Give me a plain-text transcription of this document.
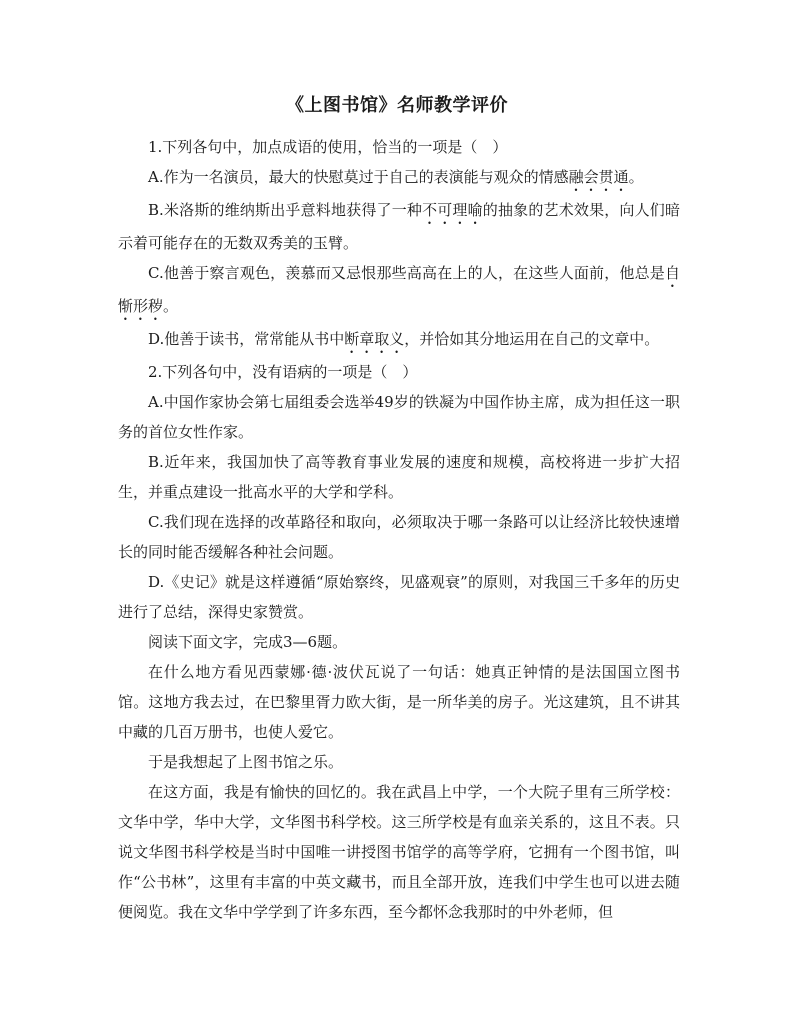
《上图书馆》名师教学评价

1.下列各句中，加点成语的使用，恰当的一项是（　）

A.作为一名演员，最大的快慰莫过于自己的表演能与观众的情感融会贯通。

B.米洛斯的维纳斯出乎意料地获得了一种不可理喻的抽象的艺术效果，向人们暗示着可能存在的无数双秀美的玉臂。

C.他善于察言观色，羡慕而又忌恨那些高高在上的人，在这些人面前，他总是自惭形秽。

D.他善于读书，常常能从书中断章取义，并恰如其分地运用在自己的文章中。

2.下列各句中，没有语病的一项是（　）

A.中国作家协会第七届组委会选举49岁的铁凝为中国作协主席，成为担任这一职务的首位女性作家。

B.近年来，我国加快了高等教育事业发展的速度和规模，高校将进一步扩大招生，并重点建设一批高水平的大学和学科。

C.我们现在选择的改革路径和取向，必须取决于哪一条路可以让经济比较快速增长的同时能否缓解各种社会问题。

D.《史记》就是这样遵循“原始察终，见盛观衰”的原则，对我国三千多年的历史进行了总结，深得史家赞赏。

阅读下面文字，完成3—6题。

在什么地方看见西蒙娜·德·波伏瓦说了一句话：她真正钟情的是法国国立图书馆。这地方我去过，在巴黎里胥力欧大街，是一所华美的房子。光这建筑，且不讲其中藏的几百万册书，也使人爱它。

于是我想起了上图书馆之乐。

在这方面，我是有愉快的回忆的。我在武昌上中学，一个大院子里有三所学校：文华中学，华中大学，文华图书科学校。这三所学校是有血亲关系的，这且不表。只说文华图书科学校是当时中国唯一讲授图书馆学的高等学府，它拥有一个图书馆，叫作“公书林”，这里有丰富的中英文藏书，而且全部开放，连我们中学生也可以进去随便阅览。我在文华中学学到了许多东西，至今都怀念我那时的中外老师，但
